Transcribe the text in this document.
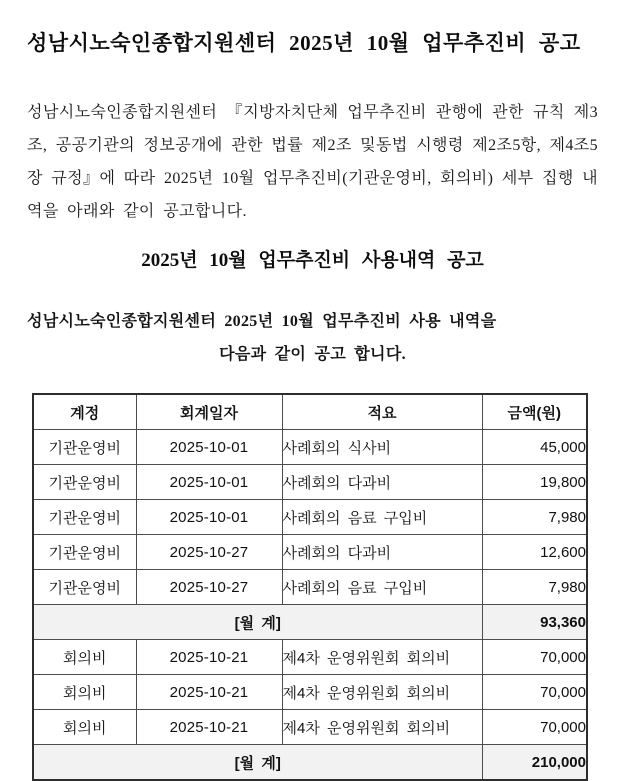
성남시노숙인종합지원센터 2025년 10월 업무추진비 공고

성남시노숙인종합지원센터 『지방자치단체 업무추진비 관행에 관한 규칙 제3조, 공공기관의 정보공개에 관한 법률 제2조 및동법 시행령 제2조5항, 제4조5장 규정』에 따라 2025년 10월 업무추진비(기관운영비, 회의비) 세부 집행 내역을 아래와 같이 공고합니다.

2025년 10월 업무추진비 사용내역 공고
성남시노숙인종합지원센터 2025년 10월 업무추진비 사용 내역을
다음과 같이 공고 합니다.
계정	회계일자	적요	금액(원)
기관운영비	2025-10-01	사례회의 식사비	45,000
기관운영비	2025-10-01	사례회의 다과비	19,800
기관운영비	2025-10-01	사례회의 음료 구입비	7,980
기관운영비	2025-10-27	사례회의 다과비	12,600
기관운영비	2025-10-27	사례회의 음료 구입비	7,980
[월 계]			93,360
회의비	2025-10-21	제4차 운영위원회 회의비	70,000
회의비	2025-10-21	제4차 운영위원회 회의비	70,000
회의비	2025-10-21	제4차 운영위원회 회의비	70,000
[월 계]			210,000
